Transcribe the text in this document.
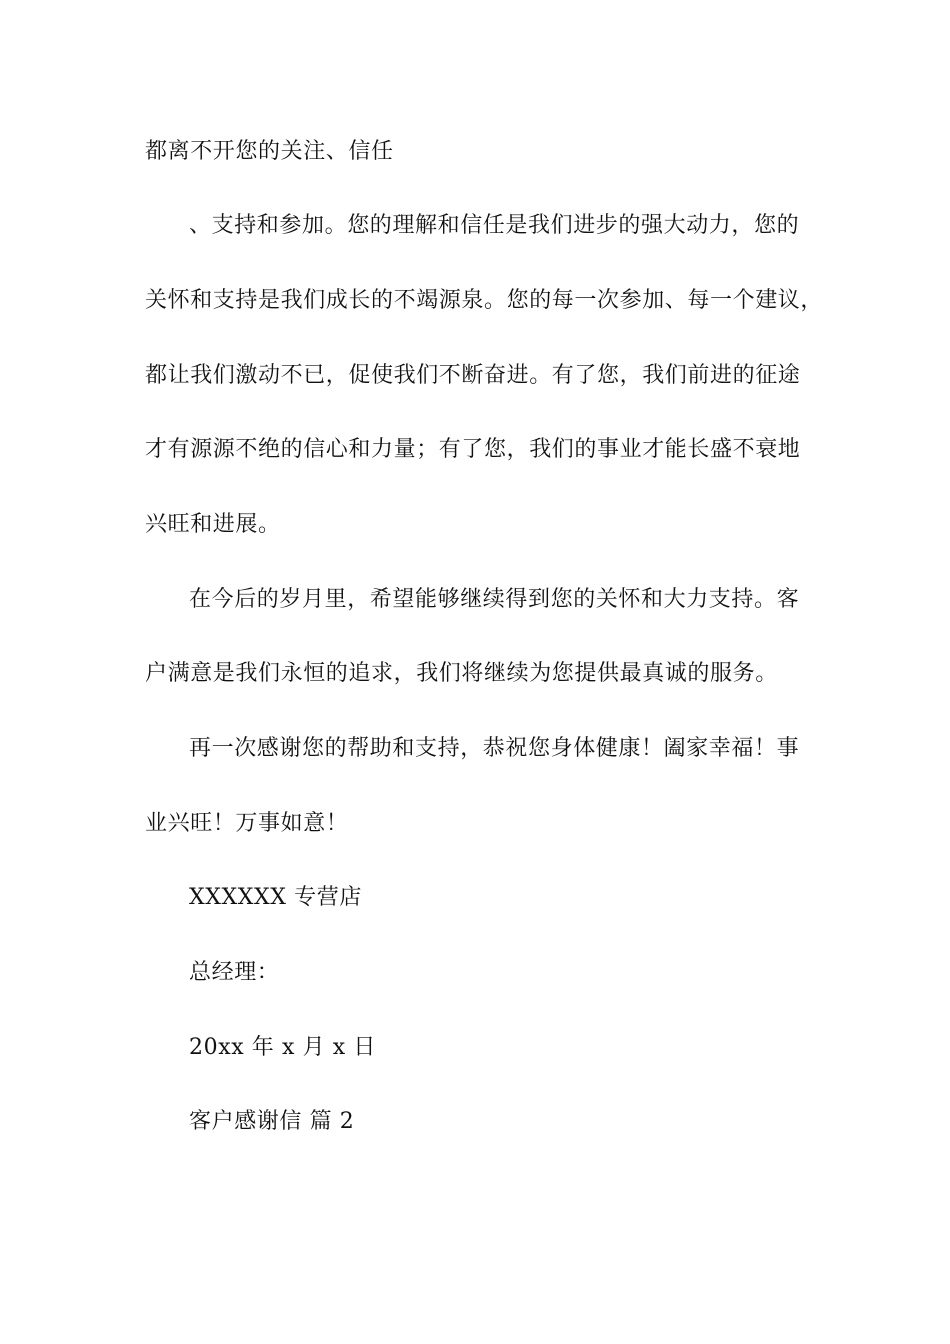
都离不开您的关注、信任
、支持和参加。您的理解和信任是我们进步的强大动力，您的
关怀和支持是我们成长的不竭源泉。您的每一次参加、每一个建议，
都让我们激动不已，促使我们不断奋进。有了您，我们前进的征途
才有源源不绝的信心和力量；有了您，我们的事业才能长盛不衰地
兴旺和进展。
在今后的岁月里，希望能够继续得到您的关怀和大力支持。客
户满意是我们永恒的追求，我们将继续为您提供最真诚的服务。
再一次感谢您的帮助和支持，恭祝您身体健康！阖家幸福！事
业兴旺！万事如意！
XXXXXX 专营店
总经理：
20xx 年 x 月 x 日
客户感谢信 篇 2
